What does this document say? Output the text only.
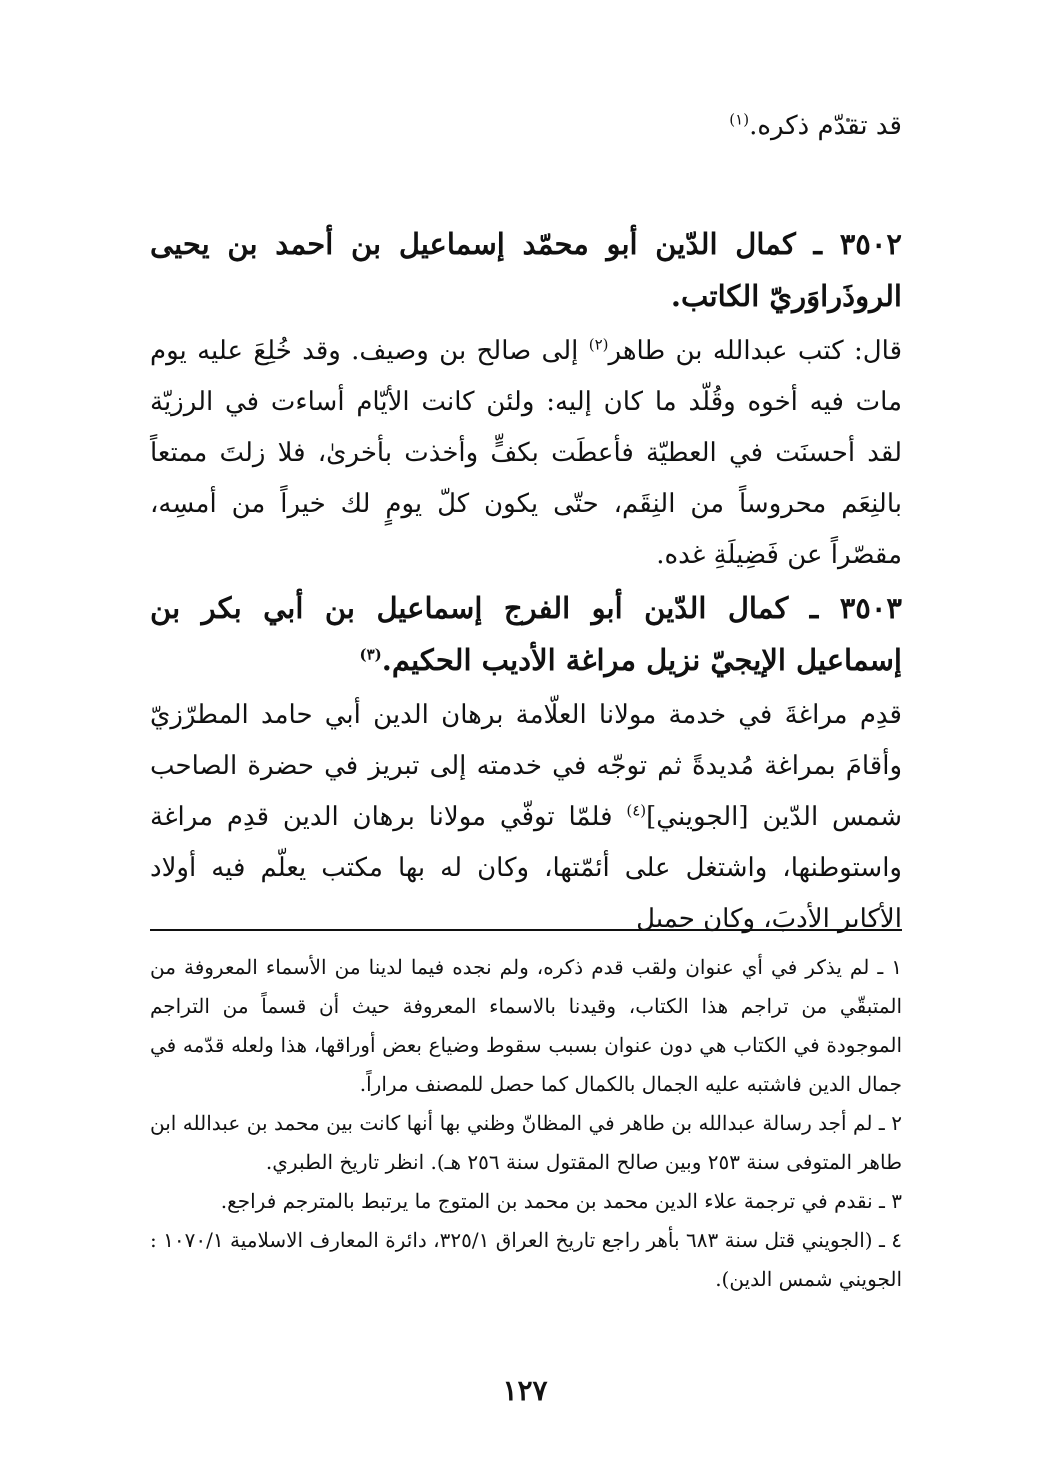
قد تقدّم ذكره.$^{(١)}$
٣٥٠٢ ـ كمال الدّين أبو محمّد إسماعيل بن أحمد بن يحيى الروذَراوَريّ الكاتب.
قال: كتب عبدالله بن طاهر$^{(٢)}$ إلى صالح بن وصيف. وقد خُلِعَ عليه يوم مات فيه أخوه وقُلّد ما كان إليه: ولئن كانت الأيّام أساءت في الرزيّة لقد أحسنَت في العطيّة فأعطَت بكفٍّ وأخذت بأخرىٰ، فلا زلتَ ممتعاً بالنِعَم محروساً من النِقَم، حتّى يكون كلّ يومٍ لك خيراً من أمسِه، مقصّراً عن فَضِيلَةِ غده.
٣٥٠٣ ـ كمال الدّين أبو الفرج إسماعيل بن أبي بكر بن إسماعيل الإيجيّ نزيل مراغة الأديب الحكيم.$^{(٣)}$
قدِم مراغةَ في خدمة مولانا العلّامة برهان الدين أبي حامد المطرّزيّ وأقامَ بمراغة مُديدةً ثم توجّه في خدمته إلى تبريز في حضرة الصاحب شمس الدّين [الجويني]$^{(٤)}$ فلمّا توفّي مولانا برهان الدين قدِم مراغة واستوطنها، واشتغل على أئمّتها، وكان له بها مكتب يعلّم فيه أولاد الأكابر الأدبَ، وكان جميل

١ ـ لم يذكر في أي عنوان ولقب قدم ذكره، ولم نجده فيما لدينا من الأسماء المعروفة من المتبقّي من تراجم هذا الكتاب، وقيدنا بالاسماء المعروفة حيث أن قسماً من التراجم الموجودة في الكتاب هي دون عنوان بسبب سقوط وضياع بعض أوراقها، هذا ولعله قدّمه في جمال الدين فاشتبه عليه الجمال بالكمال كما حصل للمصنف مراراً.

٢ ـ لم أجد رسالة عبدالله بن طاهر في المظانّ وظني بها أنها كانت بين محمد بن عبدالله ابن طاهر المتوفى سنة ٢٥٣ وبين صالح المقتول سنة ٢٥٦ هـ). انظر تاريخ الطبري.

٣ ـ نقدم في ترجمة علاء الدين محمد بن محمد بن المتوج ما يرتبط بالمترجم فراجع.

٤ ـ (الجويني قتل سنة ٦٨٣ بأهر راجع تاريخ العراق ٣٢٥/١، دائرة المعارف الاسلامية ١٠٧٠/١ : الجويني شمس الدين).

١٢٧
